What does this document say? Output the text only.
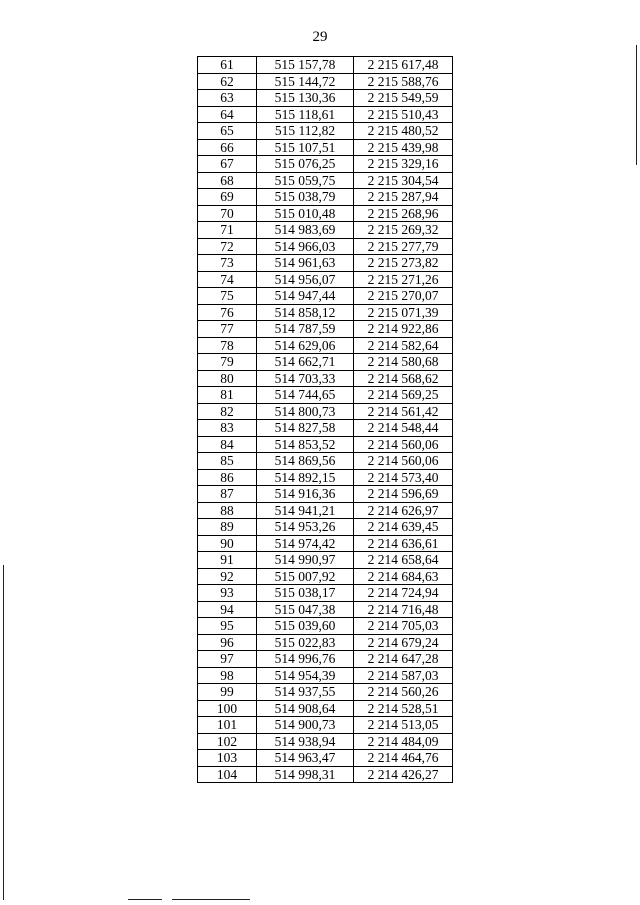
29
61	515 157,78	2 215 617,48
62	515 144,72	2 215 588,76
63	515 130,36	2 215 549,59
64	515 118,61	2 215 510,43
65	515 112,82	2 215 480,52
66	515 107,51	2 215 439,98
67	515 076,25	2 215 329,16
68	515 059,75	2 215 304,54
69	515 038,79	2 215 287,94
70	515 010,48	2 215 268,96
71	514 983,69	2 215 269,32
72	514 966,03	2 215 277,79
73	514 961,63	2 215 273,82
74	514 956,07	2 215 271,26
75	514 947,44	2 215 270,07
76	514 858,12	2 215 071,39
77	514 787,59	2 214 922,86
78	514 629,06	2 214 582,64
79	514 662,71	2 214 580,68
80	514 703,33	2 214 568,62
81	514 744,65	2 214 569,25
82	514 800,73	2 214 561,42
83	514 827,58	2 214 548,44
84	514 853,52	2 214 560,06
85	514 869,56	2 214 560,06
86	514 892,15	2 214 573,40
87	514 916,36	2 214 596,69
88	514 941,21	2 214 626,97
89	514 953,26	2 214 639,45
90	514 974,42	2 214 636,61
91	514 990,97	2 214 658,64
92	515 007,92	2 214 684,63
93	515 038,17	2 214 724,94
94	515 047,38	2 214 716,48
95	515 039,60	2 214 705,03
96	515 022,83	2 214 679,24
97	514 996,76	2 214 647,28
98	514 954,39	2 214 587,03
99	514 937,55	2 214 560,26
100	514 908,64	2 214 528,51
101	514 900,73	2 214 513,05
102	514 938,94	2 214 484,09
103	514 963,47	2 214 464,76
104	514 998,31	2 214 426,27
